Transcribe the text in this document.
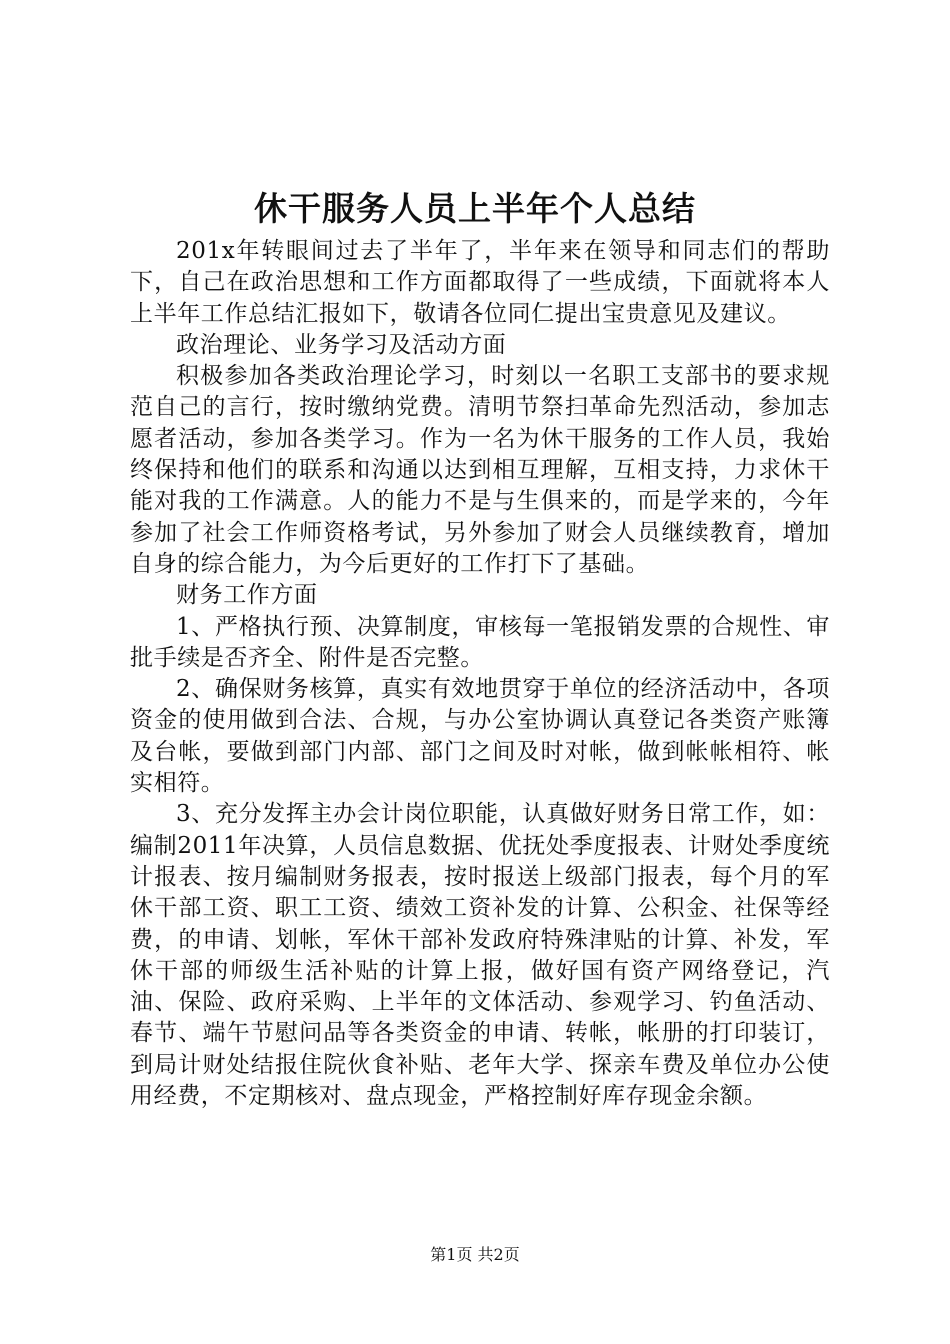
休干服务人员上半年个人总结

201x年转眼间过去了半年了，半年来在领导和同志们的帮助下，自己在政治思想和工作方面都取得了一些成绩，下面就将本人上半年工作总结汇报如下，敬请各位同仁提出宝贵意见及建议。

政治理论、业务学习及活动方面

积极参加各类政治理论学习，时刻以一名职工支部书的要求规范自己的言行，按时缴纳党费。清明节祭扫革命先烈活动，参加志愿者活动，参加各类学习。作为一名为休干服务的工作人员，我始终保持和他们的联系和沟通以达到相互理解，互相支持，力求休干能对我的工作满意。人的能力不是与生俱来的，而是学来的，今年参加了社会工作师资格考试，另外参加了财会人员继续教育，增加自身的综合能力，为今后更好的工作打下了基础。

财务工作方面

1、严格执行预、决算制度，审核每一笔报销发票的合规性、审批手续是否齐全、附件是否完整。

2、确保财务核算，真实有效地贯穿于单位的经济活动中，各项资金的使用做到合法、合规，与办公室协调认真登记各类资产账簿及台帐，要做到部门内部、部门之间及时对帐，做到帐帐相符、帐实相符。

3、充分发挥主办会计岗位职能，认真做好财务日常工作，如：编制2011年决算，人员信息数据、优抚处季度报表、计财处季度统计报表、按月编制财务报表，按时报送上级部门报表，每个月的军休干部工资、职工工资、绩效工资补发的计算、公积金、社保等经费，的申请、划帐，军休干部补发政府特殊津贴的计算、补发，军休干部的师级生活补贴的计算上报，做好国有资产网络登记，汽油、保险、政府采购、上半年的文体活动、参观学习、钓鱼活动、春节、端午节慰问品等各类资金的申请、转帐，帐册的打印装订，到局计财处结报住院伙食补贴、老年大学、探亲车费及单位办公使用经费，不定期核对、盘点现金，严格控制好库存现金余额。

第1页 共2页
